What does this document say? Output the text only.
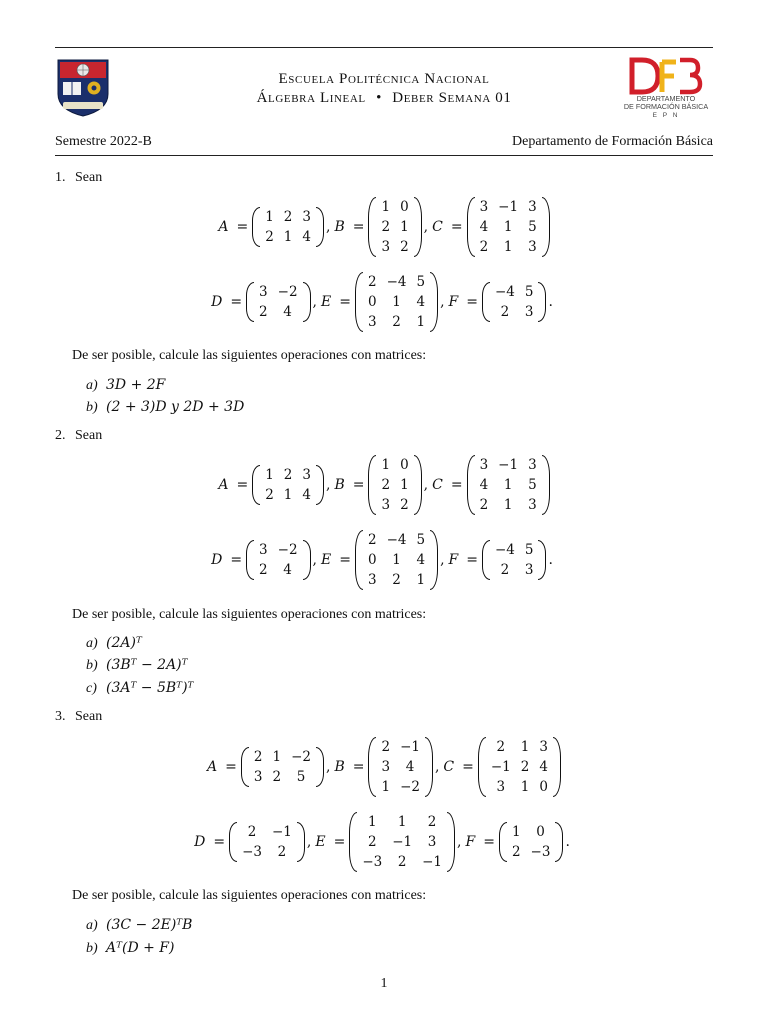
Escuela Politécnica Nacional
Álgebra Lineal • Deber Semana 01	DEPARTAMENTO
DE FORMACIÓN BÁSICA
E P N
Semestre 2022-B	Departamento de Formación Básica
1. Sean
A =
1	2	3
2	1	4
, B =
1	0
2	1
3	2
, C =
3	−1	3
4	1	5
2	1	3
D =
3	−2
2	4
, E =
2	−4	5
0	1	4
3	2	1
, F =
−4	5
2	3
.
De ser posible, calcule las siguientes operaciones con matrices:
a) 3D + 2F
b) (2 + 3)D y 2D + 3D
2. Sean
A =
1	2	3
2	1	4
, B =
1	0
2	1
3	2
, C =
3	−1	3
4	1	5
2	1	3
D =
3	−2
2	4
, E =
2	−4	5
0	1	4
3	2	1
, F =
−4	5
2	3
.
De ser posible, calcule las siguientes operaciones con matrices:
a) (2A)ᵀ
b) (3Bᵀ − 2A)ᵀ
c) (3Aᵀ − 5Bᵀ)ᵀ
3. Sean
A =
2	1	−2
3	2	5
, B =
2	−1
3	4
1	−2
, C =
2	1	3
−1	2	4
3	1	0
D =
2	−1
−3	2
, E =
1	1	2
2	−1	3
−3	2	−1
, F =
1	0
2	−3
.
De ser posible, calcule las siguientes operaciones con matrices:
a) (3C − 2E)ᵀB
b) Aᵀ(D + F)
1
